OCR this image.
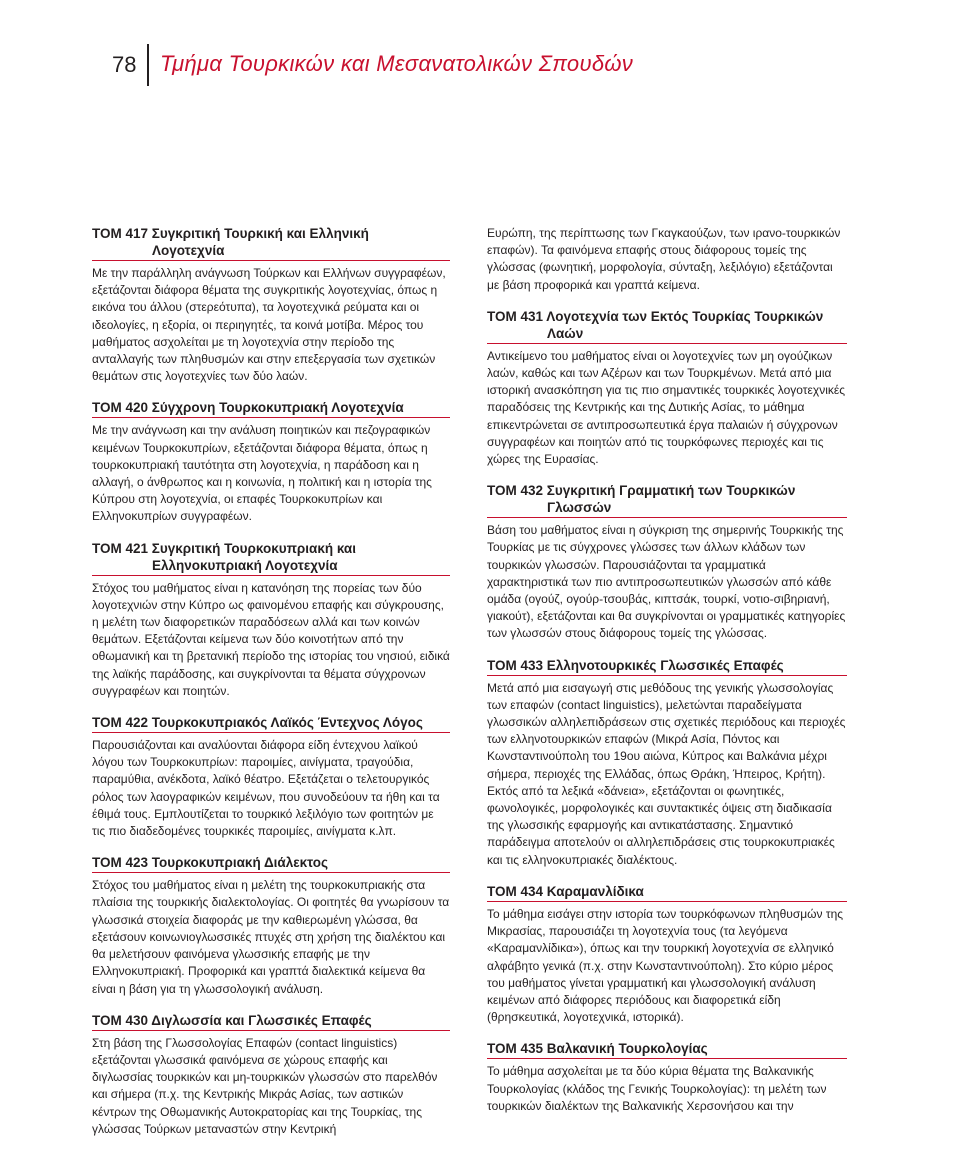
78 Τμήμα Τουρκικών και Μεσανατολικών Σπουδών
ΤΟΜ 417 Συγκριτική Τουρκική και Ελληνική
Λογοτεχνία

Με την παράλληλη ανάγνωση Τούρκων και Ελλήνων συγγραφέων, εξετάζονται διάφορα θέματα της συγκριτικής λογοτεχνίας, όπως η εικόνα του άλλου (στερεότυπα), τα λογοτεχνικά ρεύματα και οι ιδεολογίες, η εξορία, οι περιηγητές, τα κοινά μοτίβα. Μέρος του μαθήματος ασχολείται με τη λογοτεχνία στην περίοδο της ανταλλαγής των πληθυσμών και στην επεξεργασία των σχετικών θεμάτων στις λογοτεχνίες των δύο λαών.

ΤΟΜ 420 Σύγχρονη Τουρκοκυπριακή Λογοτεχνία

Με την ανάγνωση και την ανάλυση ποιητικών και πεζογραφικών κειμένων Τουρκοκυπρίων, εξετάζονται διάφορα θέματα, όπως η τουρκοκυπριακή ταυτότητα στη λογοτεχνία, η παράδοση και η αλλαγή, ο άνθρωπος και η κοινωνία, η πολιτική και η ιστορία της Κύπρου στη λογοτεχνία, οι επαφές Τουρκοκυπρίων και Ελληνοκυπρίων συγγραφέων.

ΤΟΜ 421 Συγκριτική Τουρκοκυπριακή και
Ελληνοκυπριακή Λογοτεχνία

Στόχος του μαθήματος είναι η κατανόηση της πορείας των δύο λογοτεχνιών στην Κύπρο ως φαινομένου επαφής και σύγκρουσης, η μελέτη των διαφορετικών παραδόσεων αλλά και των κοινών θεμάτων. Εξετάζονται κείμενα των δύο κοινοτήτων από την οθωμανική και τη βρετανική περίοδο της ιστορίας του νησιού, ειδικά της λαϊκής παράδοσης, και συγκρίνονται τα θέματα σύγχρονων συγγραφέων και ποιητών.

ΤΟΜ 422 Τουρκοκυπριακός Λαϊκός Έντεχνος Λόγος

Παρουσιάζονται και αναλύονται διάφορα είδη έντεχνου λαϊκού λόγου των Τουρκοκυπρίων: παροιμίες, αινίγματα, τραγούδια, παραμύθια, ανέκδοτα, λαϊκό θέατρο. Εξετάζεται ο τελετουργικός ρόλος των λαογραφικών κειμένων, που συνοδεύουν τα ήθη και τα έθιμά τους. Εμπλουτίζεται το τουρκικό λεξιλόγιο των φοιτητών με τις πιο διαδεδομένες τουρκικές παροιμίες, αινίγματα κ.λπ.

ΤΟΜ 423 Τουρκοκυπριακή Διάλεκτος

Στόχος του μαθήματος είναι η μελέτη της τουρκοκυπριακής στα πλαίσια της τουρκικής διαλεκτολογίας. Οι φοιτητές θα γνωρίσουν τα γλωσσικά στοιχεία διαφοράς με την καθιερωμένη γλώσσα, θα εξετάσουν κοινωνιογλωσσικές πτυχές στη χρήση της διαλέκτου και θα μελετήσουν φαινόμενα γλωσσικής επαφής με την Ελληνοκυπριακή. Προφορικά και γραπτά διαλεκτικά κείμενα θα είναι η βάση για τη γλωσσολογική ανάλυση.

ΤΟΜ 430 Διγλωσσία και Γλωσσικές Επαφές

Στη βάση της Γλωσσολογίας Επαφών (contact linguistics) εξετάζονται γλωσσικά φαινόμενα σε χώρους επαφής και διγλωσσίας τουρκικών και μη-τουρκικών γλωσσών στο παρελθόν και σήμερα (π.χ. της Κεντρικής Μικράς Ασίας, των αστικών κέντρων της Οθωμανικής Αυτοκρατορίας και της Τουρκίας, της γλώσσας Τούρκων μεταναστών στην Κεντρική

Ευρώπη, της περίπτωσης των Γκαγκαούζων, των ιρανο-τουρκικών επαφών). Τα φαινόμενα επαφής στους διάφορους τομείς της γλώσσας (φωνητική, μορφολογία, σύνταξη, λεξιλόγιο) εξετάζονται με βάση προφορικά και γραπτά κείμενα.

ΤΟΜ 431 Λογοτεχνία των Εκτός Τουρκίας Τουρκικών
Λαών

Αντικείμενο του μαθήματος είναι οι λογοτεχνίες των μη ογούζικων λαών, καθώς και των Αζέρων και των Τουρκμένων. Μετά από μια ιστορική ανασκόπηση για τις πιο σημαντικές τουρκικές λογοτεχνικές παραδόσεις της Κεντρικής και της Δυτικής Ασίας, το μάθημα επικεντρώνεται σε αντιπροσωπευτικά έργα παλαιών ή σύγχρονων συγγραφέων και ποιητών από τις τουρκόφωνες περιοχές και τις χώρες της Ευρασίας.

ΤΟΜ 432 Συγκριτική Γραμματική των Τουρκικών
Γλωσσών

Βάση του μαθήματος είναι η σύγκριση της σημερινής Τουρκικής της Τουρκίας με τις σύγχρονες γλώσσες των άλλων κλάδων των τουρκικών γλωσσών. Παρουσιάζονται τα γραμματικά χαρακτηριστικά των πιο αντιπροσωπευτικών γλωσσών από κάθε ομάδα (ογούζ, ογούρ-τσουβάς, κιπτσάκ, τουρκί, νοτιο-σιβηριανή, γιακούτ), εξετάζονται και θα συγκρίνονται οι γραμματικές κατηγορίες των γλωσσών στους διάφορους τομείς της γλώσσας.

ΤΟΜ 433 Ελληνοτουρκικές Γλωσσικές Επαφές

Μετά από μια εισαγωγή στις μεθόδους της γενικής γλωσσολογίας των επαφών (contact linguistics), μελετώνται παραδείγματα γλωσσικών αλληλεπιδράσεων στις σχετικές περιόδους και περιοχές των ελληνοτουρκικών επαφών (Μικρά Ασία, Πόντος και Κωνσταντινούπολη του 19ου αιώνα, Κύπρος και Βαλκάνια μέχρι σήμερα, περιοχές της Ελλάδας, όπως Θράκη, Ήπειρος, Κρήτη). Εκτός από τα λεξικά «δάνεια», εξετάζονται οι φωνητικές, φωνολογικές, μορφολογικές και συντακτικές όψεις στη διαδικασία της γλωσσικής εφαρμογής και αντικατάστασης. Σημαντικό παράδειγμα αποτελούν οι αλληλεπιδράσεις στις τουρκοκυπριακές και τις ελληνοκυπριακές διαλέκτους.

ΤΟΜ 434 Καραμανλίδικα

Το μάθημα εισάγει στην ιστορία των τουρκόφωνων πληθυσμών της Μικρασίας, παρουσιάζει τη λογοτεχνία τους (τα λεγόμενα «Καραμανλίδικα»), όπως και την τουρκική λογοτεχνία σε ελληνικό αλφάβητο γενικά (π.χ. στην Κωνσταντινούπολη). Στο κύριο μέρος του μαθήματος γίνεται γραμματική και γλωσσολογική ανάλυση κειμένων από διάφορες περιόδους και διαφορετικά είδη (θρησκευτικά, λογοτεχνικά, ιστορικά).

ΤΟΜ 435 Βαλκανική Τουρκολογίας

Το μάθημα ασχολείται με τα δύο κύρια θέματα της Βαλκανικής Τουρκολογίας (κλάδος της Γενικής Τουρκολογίας): τη μελέτη των τουρκικών διαλέκτων της Βαλκανικής Χερσονήσου και την
